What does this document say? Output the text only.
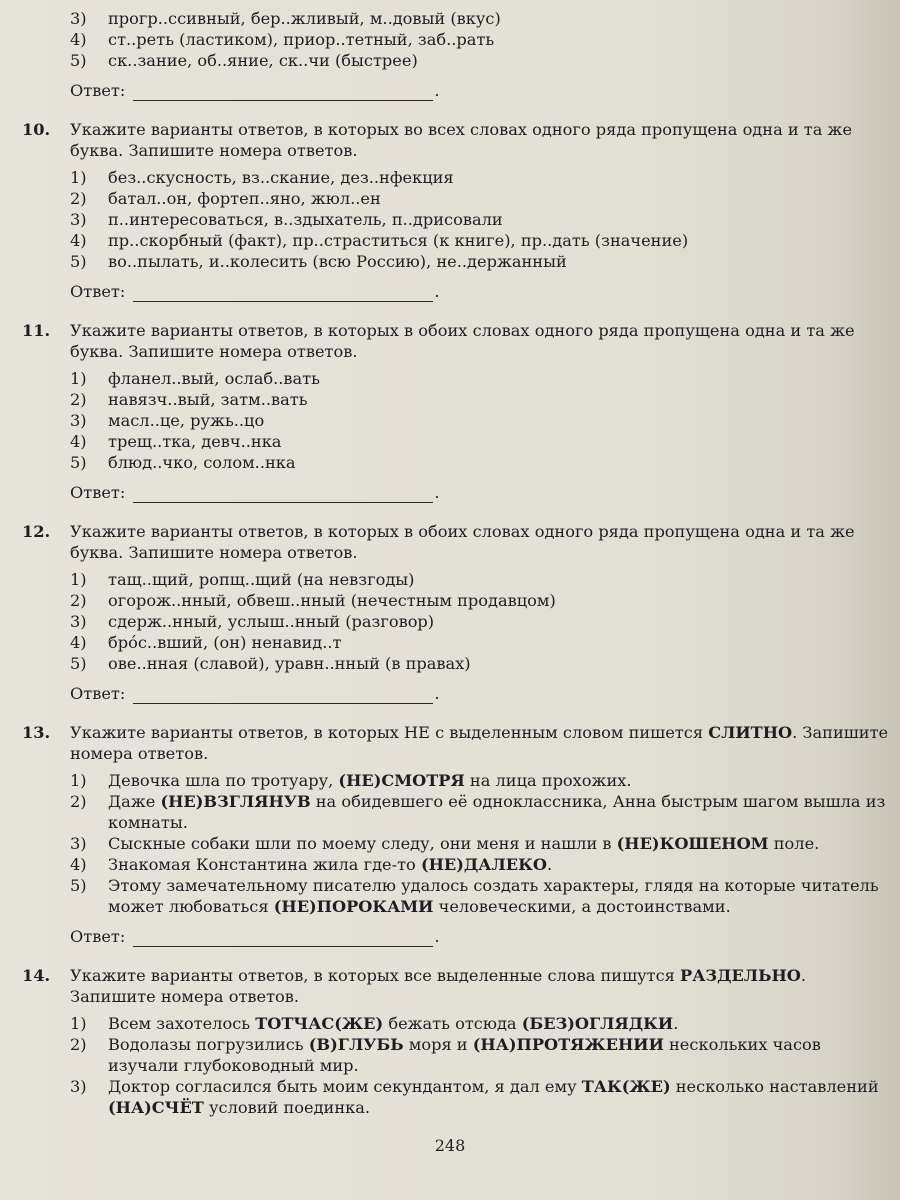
3)	прогр..ссивный, бер..жливый, м..довый (вкус)
4)	ст..реть (ластиком), приор..тетный, заб..рать
5)	ск..зание, об..яние, ск..чи (быстрее)
Ответ:	.
10.	Укажите варианты ответов, в которых во всех словах одного ряда пропущена одна и та же буква. Запишите номера ответов.
1)	без..скусность, вз..скание, дез..нфекция
2)	батал..он, фортеп..яно, жюл..ен
3)	п..интересоваться, в..здыхатель, п..дрисовали
4)	пр..скорбный (факт), пр..страститься (к книге), пр..дать (значение)
5)	во..пылать, и..колесить (всю Россию), не..держанный
Ответ:	.
11.	Укажите варианты ответов, в которых в обоих словах одного ряда пропущена одна и та же буква. Запишите номера ответов.
1)	фланел..вый, ослаб..вать
2)	навязч..вый, затм..вать
3)	масл..це, ружь..цо
4)	трещ..тка, девч..нка
5)	блюд..чко, солом..нка
Ответ:	.
12.	Укажите варианты ответов, в которых в обоих словах одного ряда пропущена одна и та же буква. Запишите номера ответов.
1)	тащ..щий, ропщ..щий (на невзгоды)
2)	огорож..нный, обвеш..нный (нечестным продавцом)
3)	сдерж..нный, услыш..нный (разговор)
4)	брóс..вший, (он) ненавид..т
5)	ове..нная (славой), уравн..нный (в правах)
Ответ:	.
13.	Укажите варианты ответов, в которых НЕ с выделенным словом пишется СЛИТНО. Запишите номера ответов.
1)	Девочка шла по тротуару, (НЕ)СМОТРЯ на лица прохожих.
2)	Даже (НЕ)ВЗГЛЯНУВ на обидевшего её одноклассника, Анна быстрым шагом вышла из комнаты.
3)	Сыскные собаки шли по моему следу, они меня и нашли в (НЕ)КОШЕНОМ поле.
4)	Знакомая Константина жила где-то (НЕ)ДАЛЕКО.
5)	Этому замечательному писателю удалось создать характеры, глядя на которые читатель может любоваться (НЕ)ПОРОКАМИ человеческими, а достоинствами.
Ответ:	.
14.	Укажите варианты ответов, в которых все выделенные слова пишутся РАЗДЕЛЬНО. Запишите номера ответов.
1)	Всем захотелось ТОТЧАС(ЖЕ) бежать отсюда (БЕЗ)ОГЛЯДКИ.
2)	Водолазы погрузились (В)ГЛУБЬ моря и (НА)ПРОТЯЖЕНИИ нескольких часов изучали глубоководный мир.
3)	Доктор согласился быть моим секундантом, я дал ему ТАК(ЖЕ) несколько наставлений (НА)СЧЁТ условий поединка.
248
